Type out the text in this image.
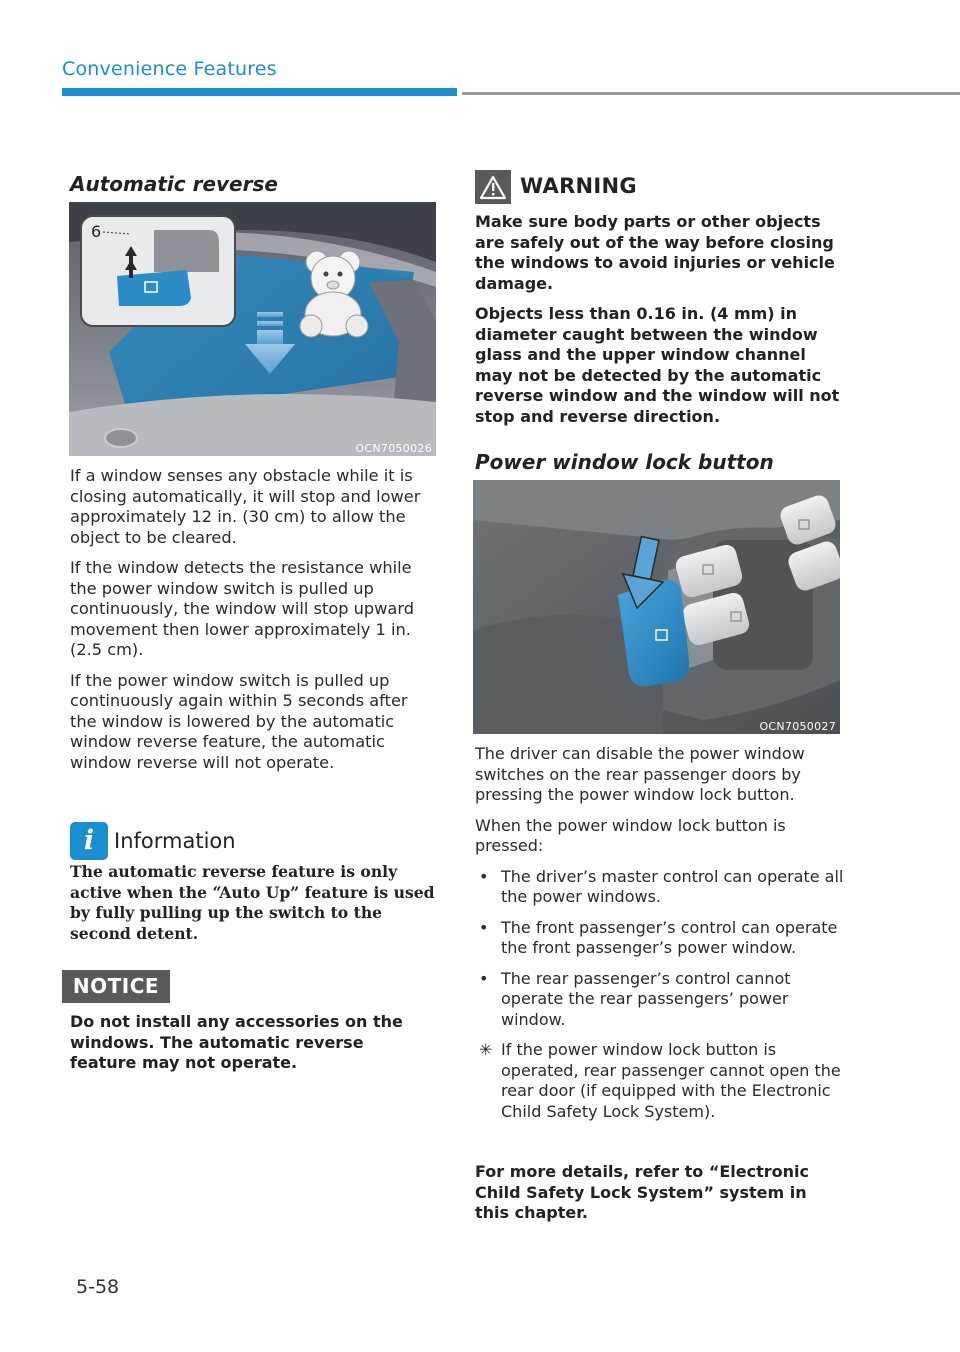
Convenience Features
Automatic reverse
6
OCN7050026

If a window senses any obstacle while it is closing automatically, it will stop and lower approximately 12 in. (30 cm) to allow the object to be cleared.

If the window detects the resistance while the power window switch is pulled up continuously, the window will stop upward movement then lower approximately 1 in. (2.5 cm).

If the power window switch is pulled up continuously again within 5 seconds after the window is lowered by the automatic window reverse feature, the automatic window reverse will not operate.

i Information

The automatic reverse feature is only active when the “Auto Up” feature is used by fully pulling up the switch to the second detent.

NOTICE

Do not install any accessories on the windows. The automatic reverse feature may not operate.

WARNING

Make sure body parts or other objects are safely out of the way before closing the windows to avoid injuries or vehicle damage.

Objects less than 0.16 in. (4 mm) in diameter caught between the window glass and the upper window channel may not be detected by the automatic reverse window and the window will not stop and reverse direction.

Power window lock button
OCN7050027

The driver can disable the power window switches on the rear passenger doors by pressing the power window lock button.

When the power window lock button is pressed:

• The driver’s master control can operate all the power windows.
• The front passenger’s control can operate the front passenger’s power window.
• The rear passenger’s control cannot operate the rear passengers’ power window.
✳ If the power window lock button is operated, rear passenger cannot open the rear door (if equipped with the Electronic Child Safety Lock System).

For more details, refer to “Electronic Child Safety Lock System” system in this chapter.

5-58
